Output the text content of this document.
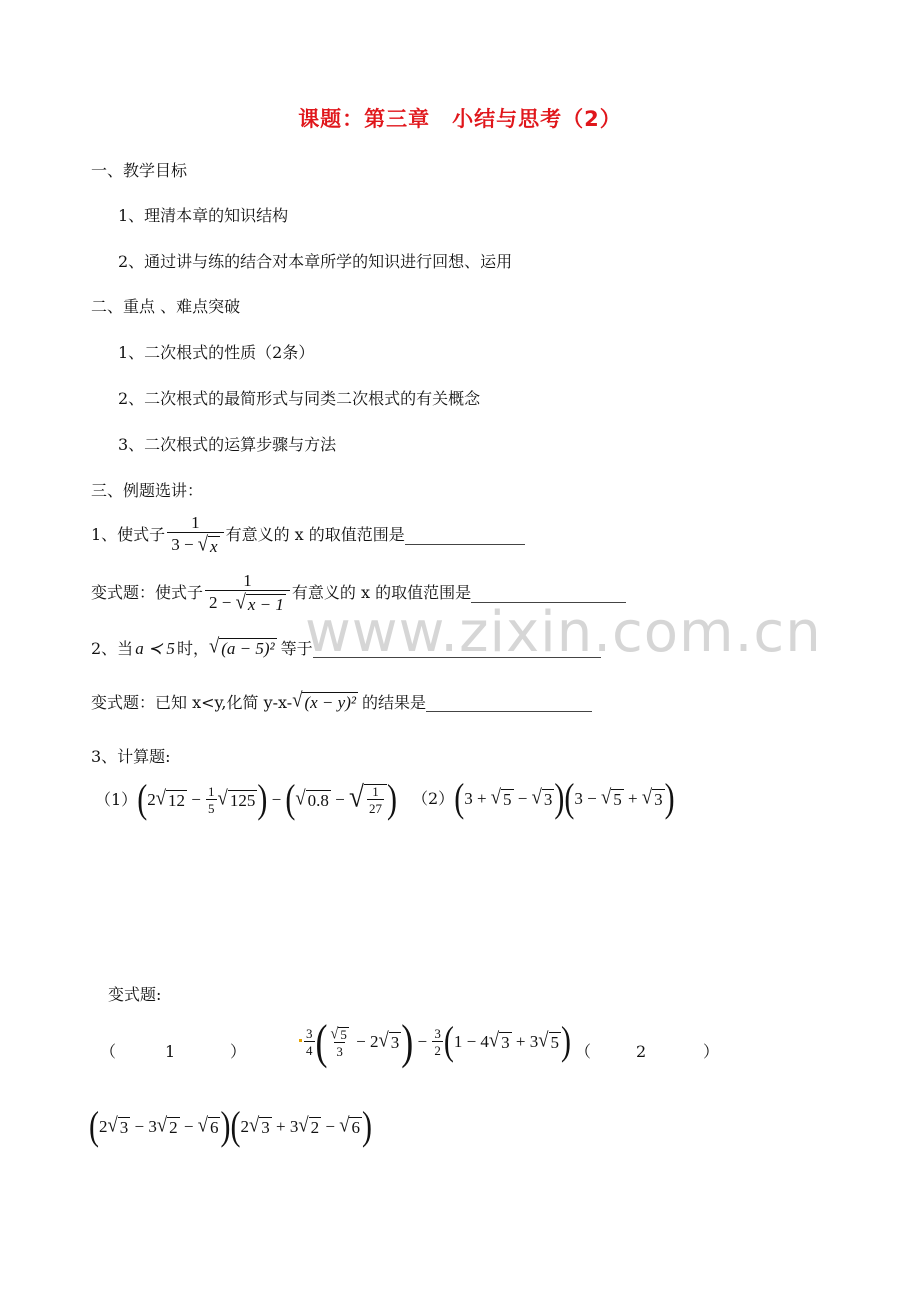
课题：第三章　小结与思考（2）
www.zixin.com.cn
一、教学目标
1、理清本章的知识结构
2、通过讲与练的结合对本章所学的知识进行回想、运用
二、重点 、难点突破
1、二次根式的性质（2条）
2、二次根式的最简形式与同类二次根式的有关概念
3、二次根式的运算步骤与方法
三、例题选讲：
1、使式子 $\frac{1}{3 - √ x}$ 有意义的 x 的取值范围是
变式题：使式子 $\frac{1}{2 - √ x - 1}$ 有意义的 x 的取值范围是
2、当 a ≺ 5 时， √ (a − 5)² 等于
变式题：已知 x<y,化简 y-x- √ (x − y)² 的结果是
3、计算题:
（1） ( 2 √ $12 - \frac{1}{5}$ √ 125 ) − ( √ 0.8 − √ $\frac{1}{27}$ ) （2） ( 3 + √ 5 − √ 3 ) ( 3 − √ 5 + √ 3 )
变式题:
（	1	）	$\frac{3}{4}$ ( $\frac{√ 5}{3} - 2$ √ 3 ) − $\frac{3}{2}$ ( 1 − 4 √ 3 + 3 √ 5 ) （	2	）
( 2 √ 3 − 3 √ 2 − √ 6 ) ( 2 √ 3 + 3 √ 2 − √ 6 )
